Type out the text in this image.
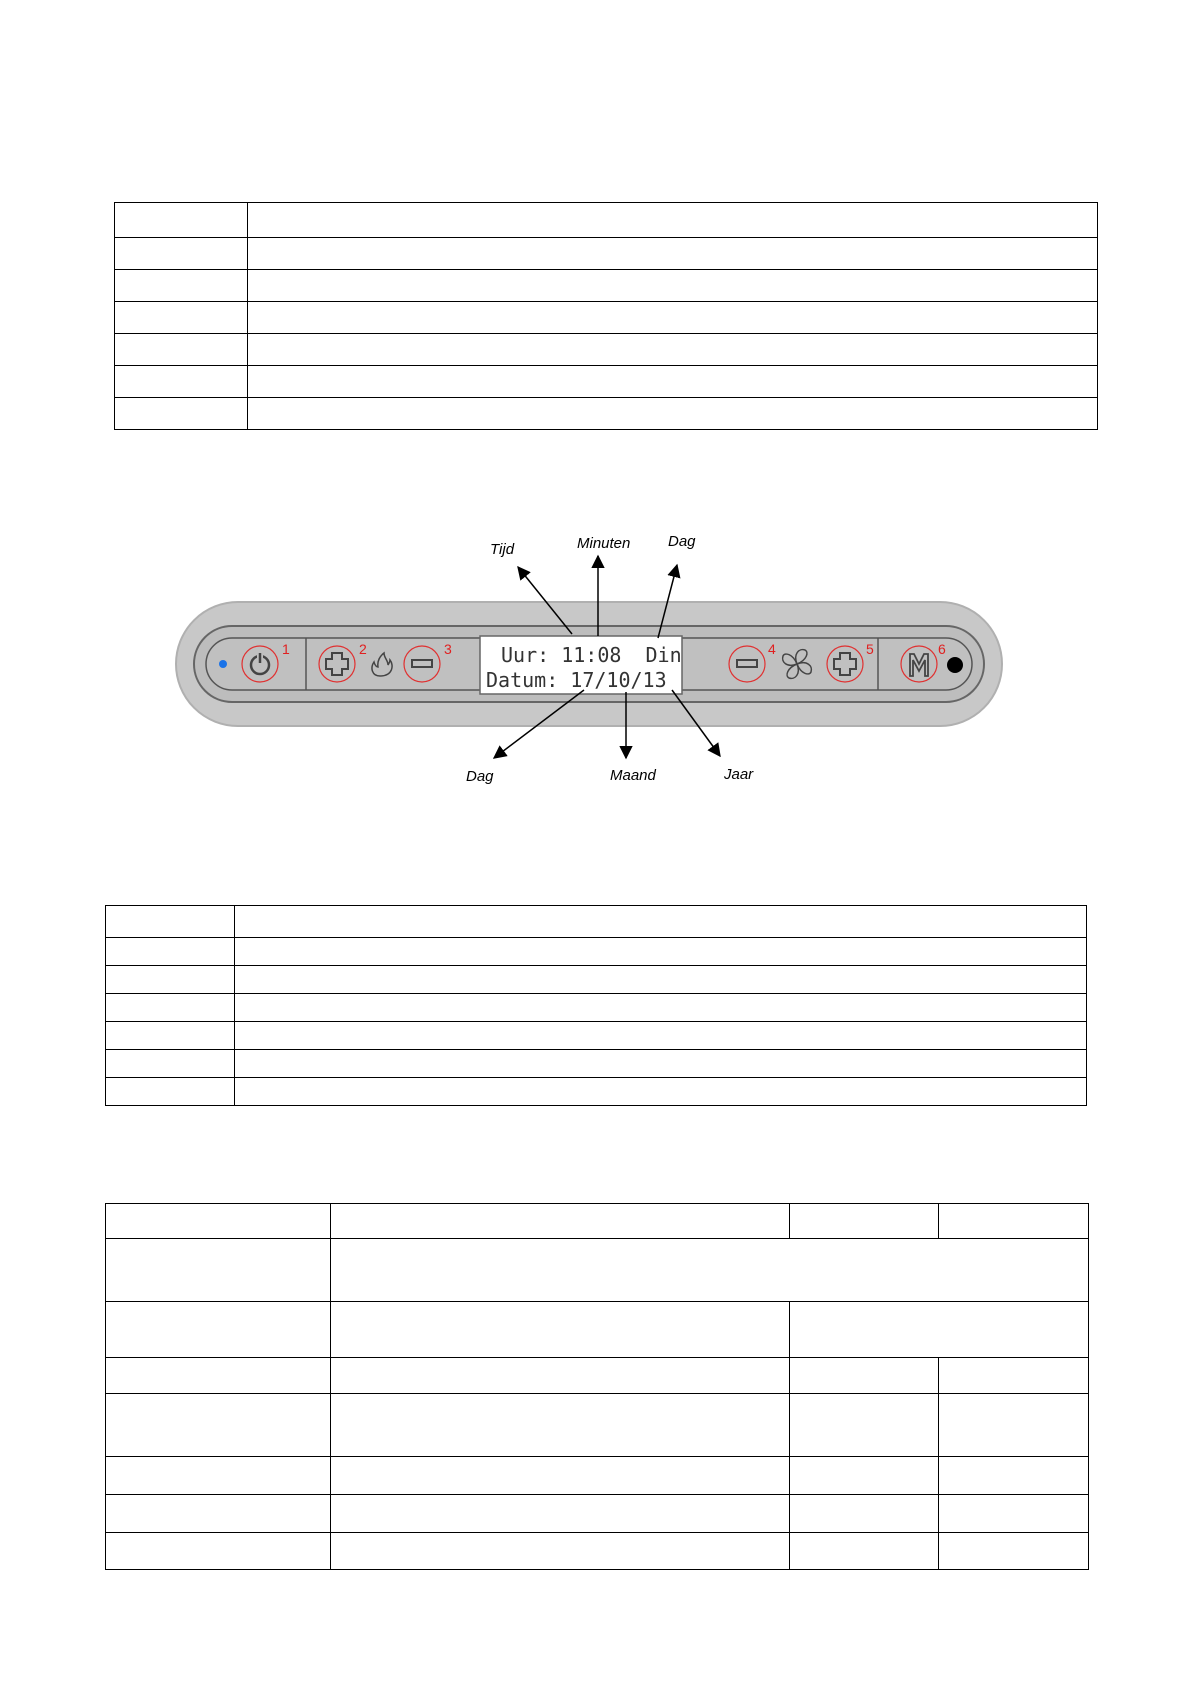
1	2	3 Uur: 11:08  Din
Datum: 17/10/13
4	5	6
Tijd	Minuten	Dag
Dag	Maand	Jaar
